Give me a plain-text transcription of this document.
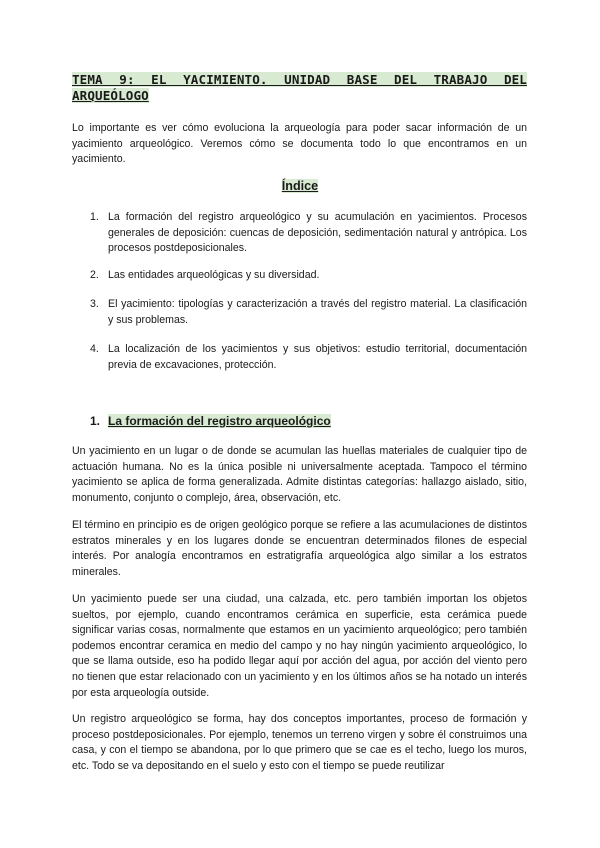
TEMA 9: EL YACIMIENTO. UNIDAD BASE DEL TRABAJO DEL ARQUEÓLOGO
Lo importante es ver cómo evoluciona la arqueología para poder sacar información de un yacimiento arqueológico. Veremos cómo se documenta todo lo que encontramos en un yacimiento.
Índice
1. La formación del registro arqueológico y su acumulación en yacimientos. Procesos generales de deposición: cuencas de deposición, sedimentación natural y antrópica. Los procesos postdeposicionales.
2. Las entidades arqueológicas y su diversidad.
3. El yacimiento: tipologías y caracterización a través del registro material. La clasificación y sus problemas.
4. La localización de los yacimientos y sus objetivos: estudio territorial, documentación previa de excavaciones, protección.
1. La formación del registro arqueológico
Un yacimiento en un lugar o de donde se acumulan las huellas materiales de cualquier tipo de actuación humana. No es la única posible ni universalmente aceptada. Tampoco el término yacimiento se aplica de forma generalizada. Admite distintas categorías: hallazgo aislado, sitio, monumento, conjunto o complejo, área, observación, etc.
El término en principio es de origen geológico porque se refiere a las acumulaciones de distintos estratos minerales y en los lugares donde se encuentran determinados filones de especial interés. Por analogía encontramos en estratigrafía arqueológica algo similar a los estratos minerales.
Un yacimiento puede ser una ciudad, una calzada, etc. pero también importan los objetos sueltos, por ejemplo, cuando encontramos cerámica en superficie, esta cerámica puede significar varias cosas, normalmente que estamos en un yacimiento arqueológico; pero también podemos encontrar ceramica en medio del campo y no hay ningún yacimiento arqueológico, lo que se llama outside, eso ha podido llegar aquí por acción del agua, por acción del viento pero no tienen que estar relacionado con un yacimiento y en los últimos años se ha notado un interés por esta arqueología outside.
Un registro arqueológico se forma, hay dos conceptos importantes, proceso de formación y proceso postdeposicionales. Por ejemplo, tenemos un terreno virgen y sobre él construimos una casa, y con el tiempo se abandona, por lo que primero que se cae es el techo, luego los muros, etc. Todo se va depositando en el suelo y esto con el tiempo se puede reutilizar
